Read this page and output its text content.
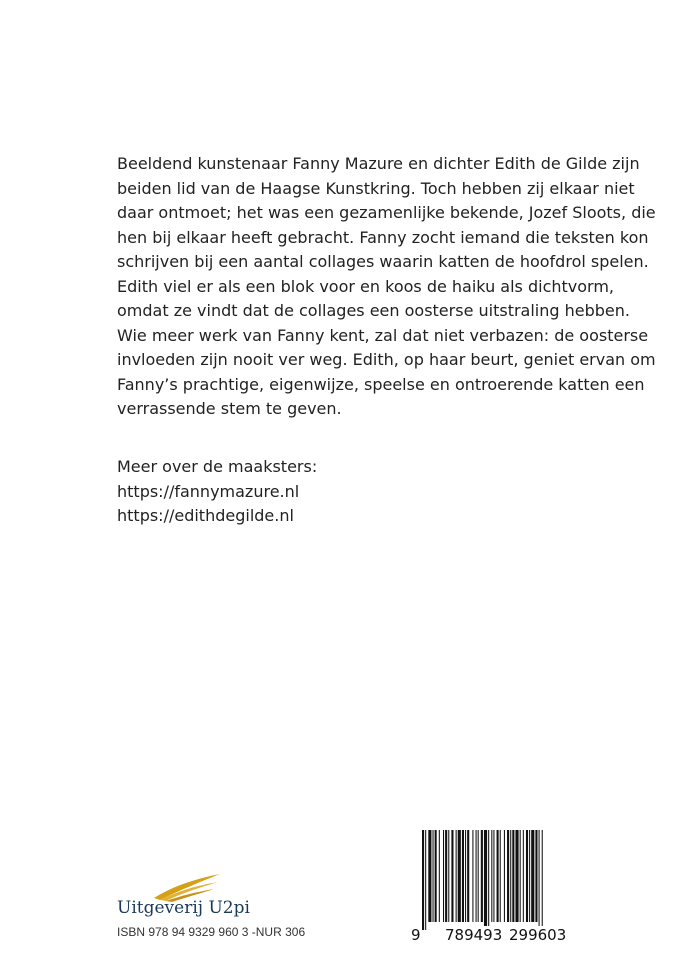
Beeldend kunstenaar Fanny Mazure en dichter Edith de Gilde zijn
beiden lid van de Haagse Kunstkring. Toch hebben zij elkaar niet
daar ontmoet; het was een gezamenlijke bekende, Jozef Sloots, die
hen bij elkaar heeft gebracht. Fanny zocht iemand die teksten kon
schrijven bij een aantal collages waarin katten de hoofdrol spelen.
Edith viel er als een blok voor en koos de haiku als dichtvorm,
omdat ze vindt dat de collages een oosterse uitstraling hebben.
Wie meer werk van Fanny kent, zal dat niet verbazen: de oosterse
invloeden zijn nooit ver weg. Edith, op haar beurt, geniet ervan om
Fanny’s prachtige, eigenwijze, speelse en ontroerende katten een
verrassende stem te geven.
Meer over de maaksters:
https://fannymazure.nl
https://edithdegilde.nl
Uitgeverij U2pi
ISBN 978 94 9329 960 3 -NUR 306	9 789493 299603
